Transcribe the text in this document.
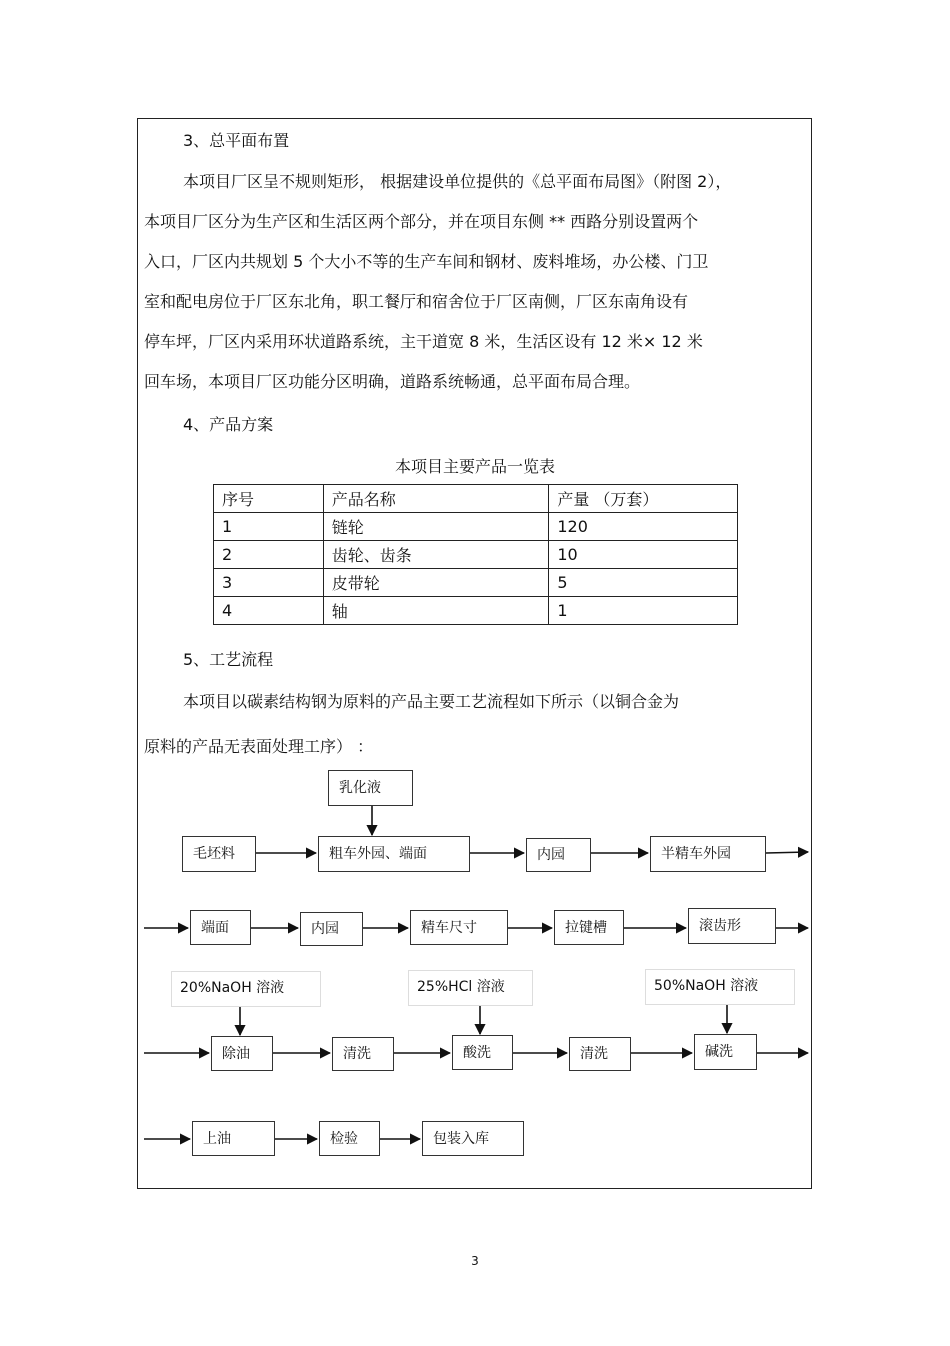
3、总平面布置
本项目厂区呈不规则矩形， 根据建设单位提供的《总平面布局图》（附图 2），
本项目厂区分为生产区和生活区两个部分，并在项目东侧 ** 西路分别设置两个
入口，厂区内共规划 5 个大小不等的生产车间和钢材、废料堆场，办公楼、门卫
室和配电房位于厂区东北角，职工餐厅和宿舍位于厂区南侧，厂区东南角设有
停车坪，厂区内采用环状道路系统，主干道宽 8 米，生活区设有 12 米× 12 米
回车场，本项目厂区功能分区明确，道路系统畅通，总平面布局合理。
4、产品方案
本项目主要产品一览表
序号	产品名称	产量 （万套）
1	链轮	120
2	齿轮、齿条	10
3	皮带轮	5
4	轴	1
5、工艺流程
本项目以碳素结构钢为原料的产品主要工艺流程如下所示（以铜合金为
原料的产品无表面处理工序） ：
乳化液
毛坯料	粗车外园、端面	内园	半精车外园
端面	内园	精车尺寸	拉键槽	滚齿形
20%NaOH 溶液	25%HCl 溶液	50%NaOH 溶液
除油	清洗	酸洗	清洗	碱洗
上油	检验	包装入库
3
